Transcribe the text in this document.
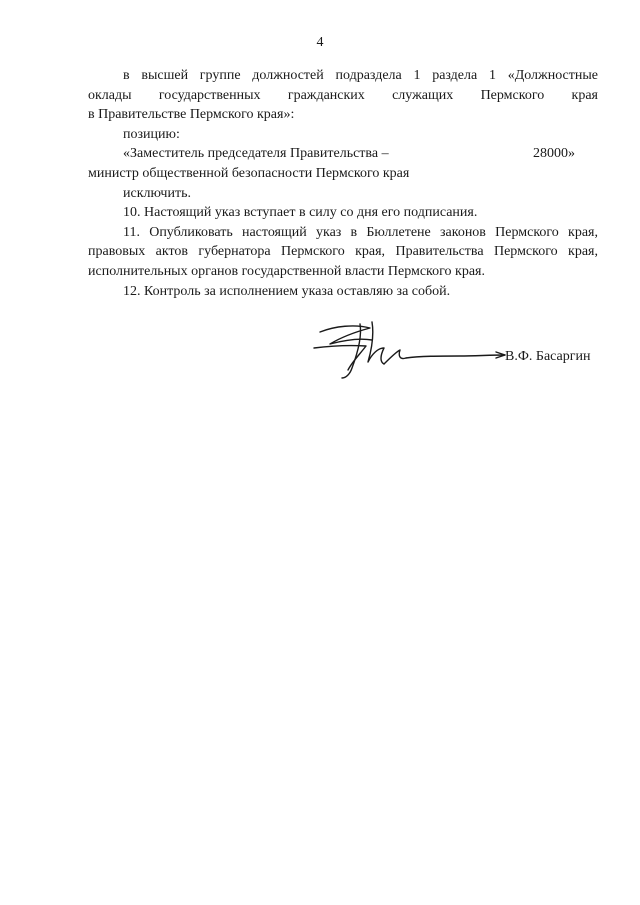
4
в высшей группе должностей подраздела 1 раздела 1 «Должностные
оклады государственных гражданских служащих Пермского края
в Правительстве Пермского края»:
позицию:
«Заместитель председателя Правительства –	28000»
министр общественной безопасности Пермского края
исключить.
10. Настоящий указ вступает в силу со дня его подписания.
11. Опубликовать настоящий указ в Бюллетене законов Пермского края,
правовых актов губернатора Пермского края, Правительства Пермского края,
исполнительных органов государственной власти Пермского края.
12. Контроль за исполнением указа оставляю за собой.
В.Ф. Басаргин
